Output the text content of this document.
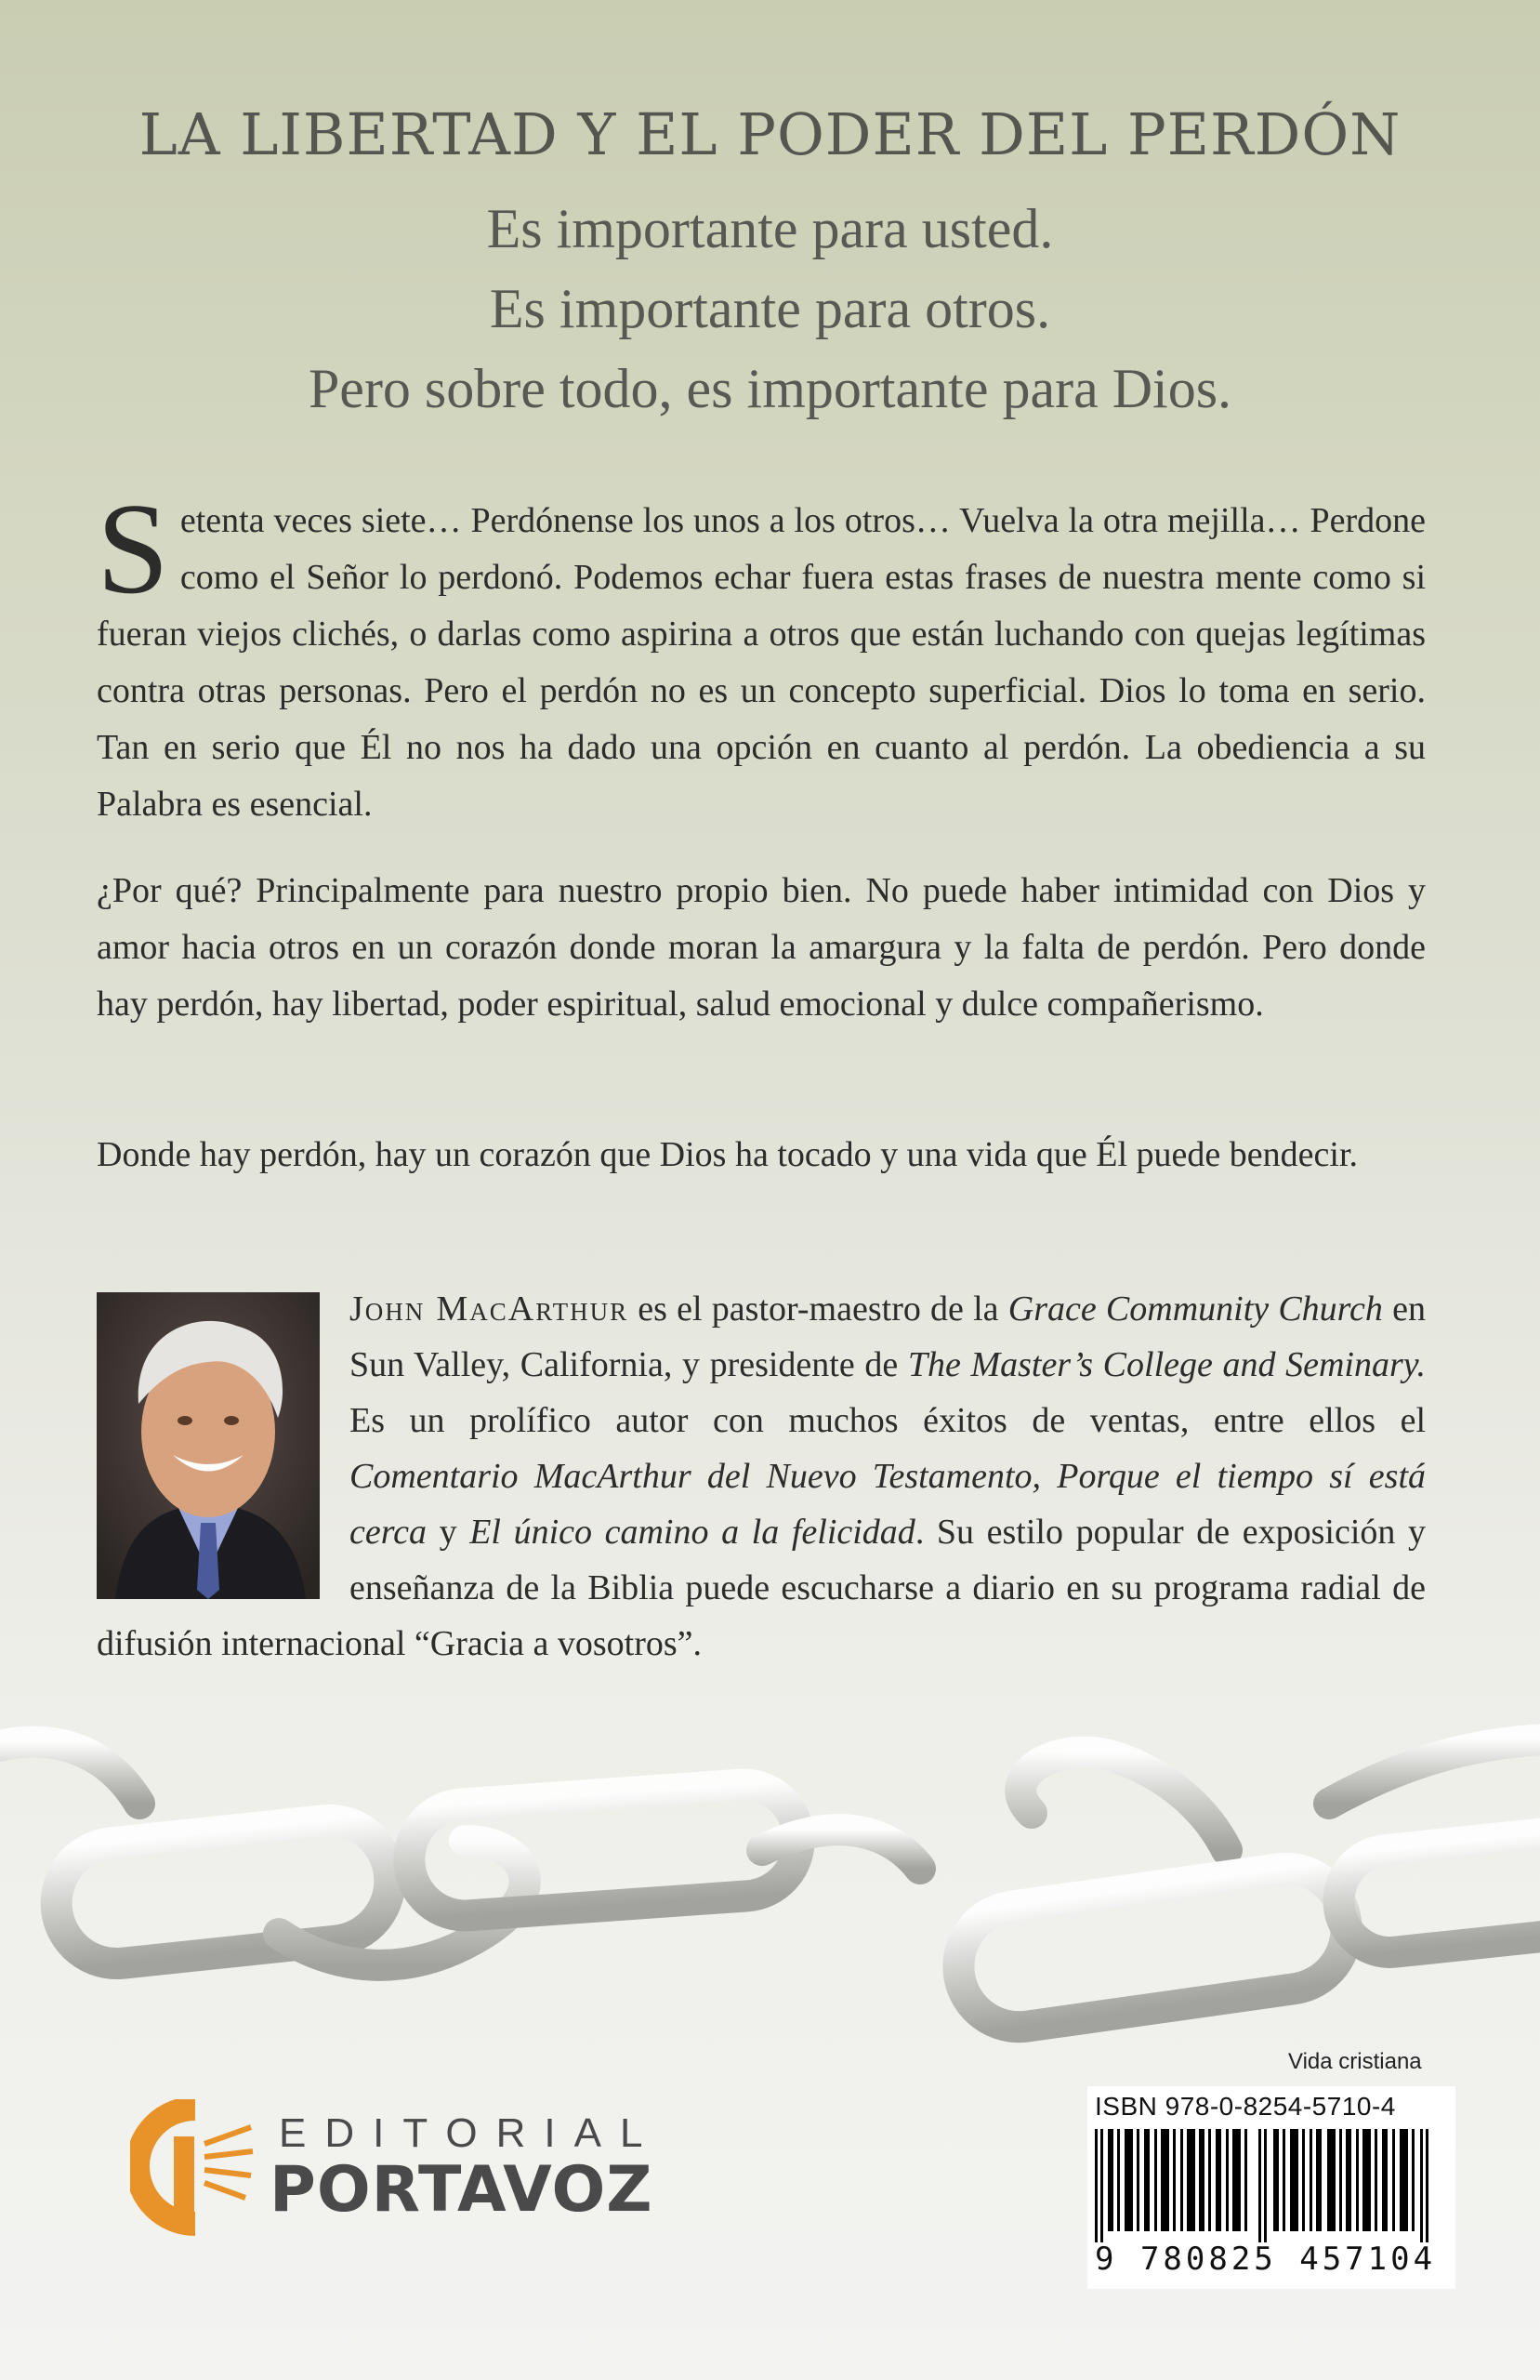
LA LIBERTAD Y EL PODER DEL PERDÓN
Es importante para usted.
Es importante para otros.
Pero sobre todo, es importante para Dios.

Setenta veces siete… Perdónense los unos a los otros… Vuelva la otra mejilla… Perdone como el Señor lo perdonó. Podemos echar fuera estas frases de nuestra mente como si fueran viejos clichés, o darlas como aspirina a otros que están luchando con quejas legítimas contra otras personas. Pero el perdón no es un concepto superficial. Dios lo toma en serio. Tan en serio que Él no nos ha dado una opción en cuanto al perdón. La obediencia a su Palabra es esencial.

¿Por qué? Principalmente para nuestro propio bien. No puede haber intimidad con Dios y amor hacia otros en un corazón donde moran la amargura y la falta de perdón. Pero donde hay perdón, hay libertad, poder espiritual, salud emocional y dulce compañerismo.

Donde hay perdón, hay un corazón que Dios ha tocado y una vida que Él puede bendecir.

John MacArthur es el pastor-maestro de la Grace Community Church en Sun Valley, California, y presidente de The Master’s College and Seminary. Es un prolífico autor con muchos éxitos de ventas, entre ellos el Comentario MacArthur del Nuevo Testamento, Porque el tiempo sí está cerca y El único camino a la felicidad. Su estilo popular de exposición y enseñanza de la Biblia puede escucharse a diario en su programa radial de difusión internacional “Gracia a vosotros”.

Vida cristiana
ISBN 978-0-8254-5710-4
9 780825 457104
EDITORIAL
PORTAVOZ
